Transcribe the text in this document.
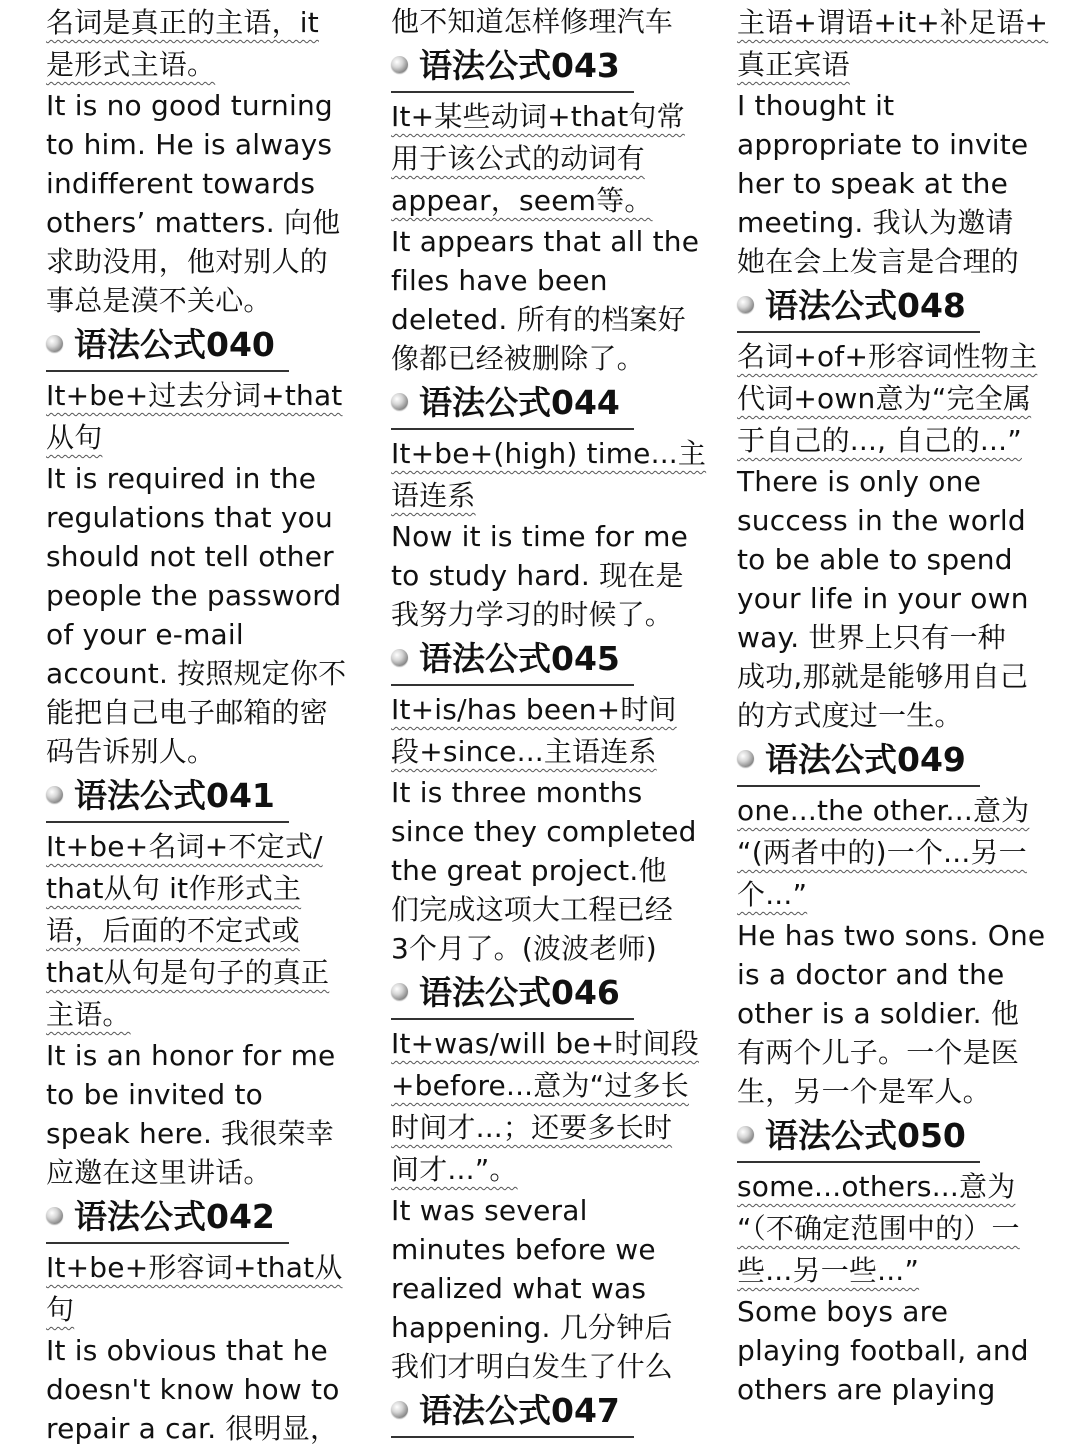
名词是真正的主语，it
是形式主语。
It is no good turning
to him. He is always
indifferent towards
others’ matters. 向他
求助没用，他对别人的
事总是漠不关心。
语法公式040
It+be+过去分词+that
从句
It is required in the
regulations that you
should not tell other
people the password
of your e-mail
account. 按照规定你不
能把自己电子邮箱的密
码告诉别人。
语法公式041
It+be+名词+不定式/
that从句 it作形式主
语，后面的不定式或
that从句是句子的真正
主语。
It is an honor for me
to be invited to
speak here. 我很荣幸
应邀在这里讲话。
语法公式042
It+be+形容词+that从
句
It is obvious that he
doesn't know how to
repair a car. 很明显，
他不知道怎样修理汽车
语法公式043
It+某些动词+that句常
用于该公式的动词有
appear，seem等。
It appears that all the
files have been
deleted. 所有的档案好
像都已经被删除了。
语法公式044
It+be+(high) time...主
语连系
Now it is time for me
to study hard. 现在是
我努力学习的时候了。
语法公式045
It+is/has been+时间
段+since...主语连系
It is three months
since they completed
the great project.他
们完成这项大工程已经
3个月了。(波波老师)
语法公式046
It+was/will be+时间段
+before...意为“过多长
时间才...；还要多长时
间才...”。
It was several
minutes before we
realized what was
happening. 几分钟后
我们才明白发生了什么
语法公式047
主语+谓语+it+补足语+
真正宾语
I thought it
appropriate to invite
her to speak at the
meeting. 我认为邀请
她在会上发言是合理的
语法公式048
名词+of+形容词性物主
代词+own意为“完全属
于自己的..., 自己的...”
There is only one
success in the world
to be able to spend
your life in your own
way. 世界上只有一种
成功,那就是能够用自己
的方式度过一生。
语法公式049
one...the other...意为
“(两者中的)一个...另一
个...”
He has two sons. One
is a doctor and the
other is a soldier. 他
有两个儿子。一个是医
生，另一个是军人。
语法公式050
some...others...意为
“（不确定范围中的）一
些...另一些...”
Some boys are
playing football, and
others are playing
